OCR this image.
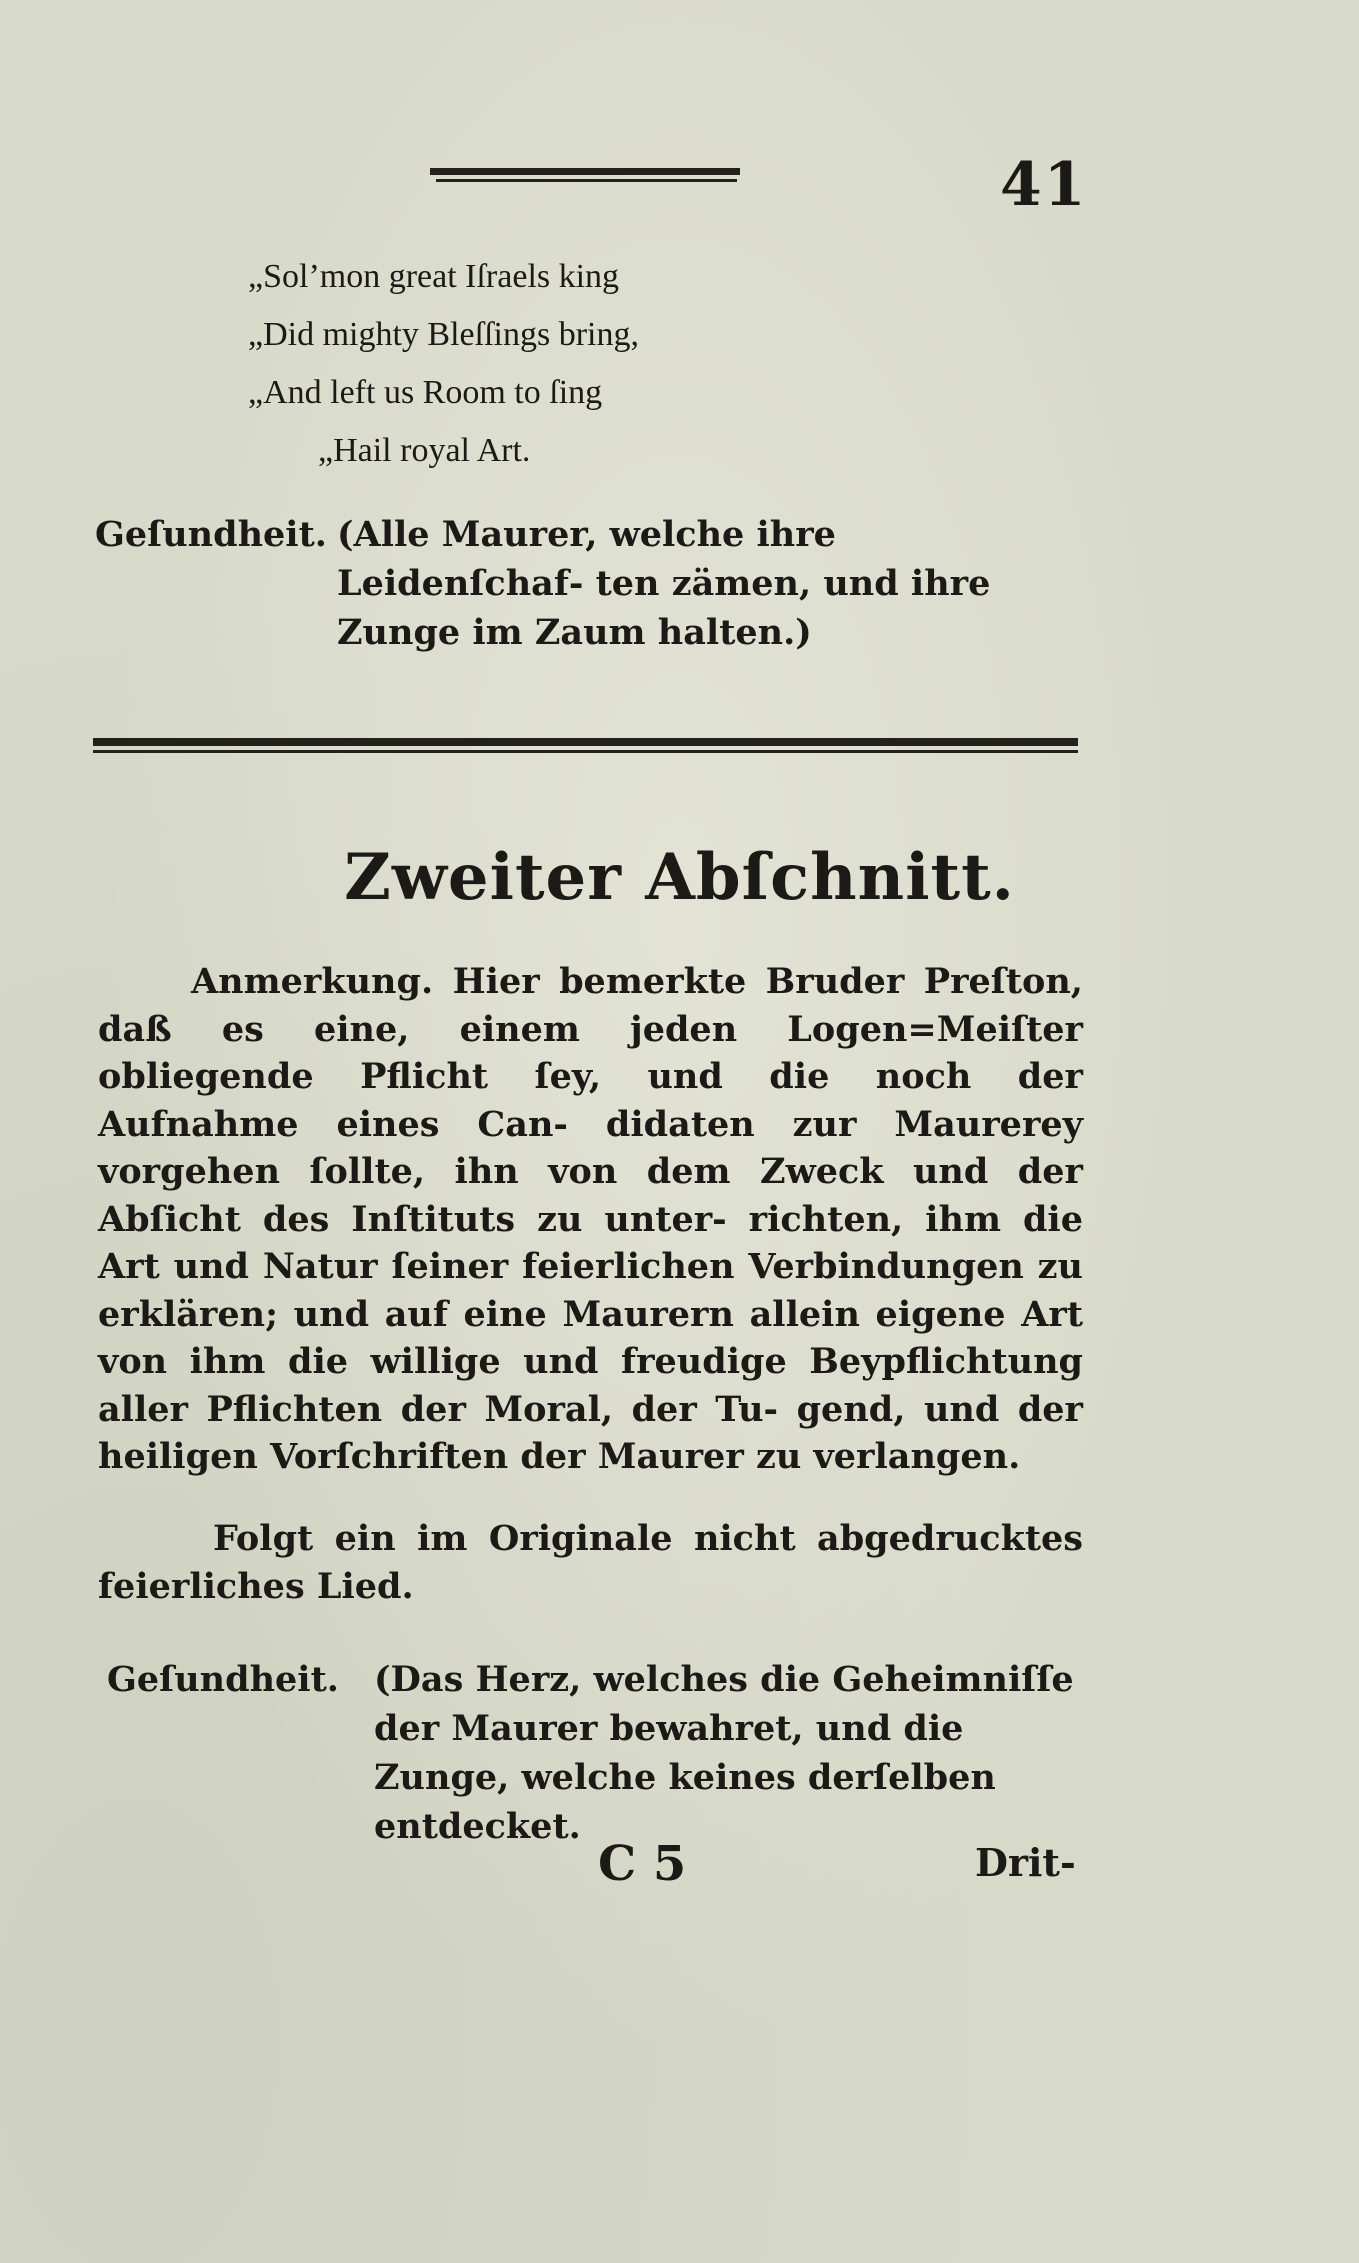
41
„Sol’mon great Iſraels king
„Did mighty Bleſſings bring,
„And left us Room to ſing
„Hail royal Art.
Geſundheit. (Alle Maurer, welche ihre Leidenſchaf‐ ten zämen, und ihre Zunge im Zaum halten.)
Zweiter Abſchnitt.
Anmerkung. Hier bemerkte Bruder Preſton, daß es eine, einem jeden Logen=Meiſter obliegende Pflicht ſey, und die noch der Aufnahme eines Can‐ didaten zur Maurerey vorgehen ſollte, ihn von dem Zweck und der Abſicht des Inſtituts zu unter‐ richten, ihm die Art und Natur ſeiner feierlichen Verbindungen zu erklären; und auf eine Maurern allein eigene Art von ihm die willige und freudige Beypflichtung aller Pflichten der Moral, der Tu‐ gend, und der heiligen Vorſchriften der Maurer zu verlangen.
Folgt ein im Originale nicht abgedrucktes feierliches Lied.
Geſundheit. (Das Herz, welches die Geheimniſſe der Maurer bewahret, und die Zunge, welche keines derſelben entdecket.
C 5	Drit‐
